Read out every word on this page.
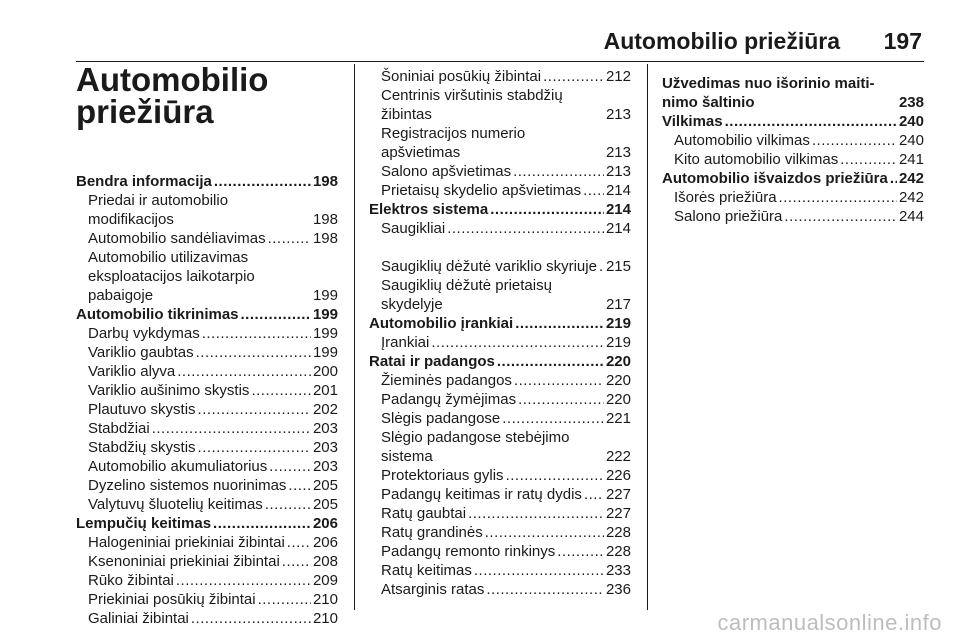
Automobilio priežiūra 197
Automobilio priežiūra
Bendra informacija .....	198
Priedai ir automobilio modifikacijos	198
Automobilio sandėliavimas .....	198
Automobilio utilizavimas eksploatacijos laikotarpio pabaigoje	199
Automobilio tikrinimas .....	199
Darbų vykdymas .....	199
Variklio gaubtas .....	199
Variklio alyva .....	200
Variklio aušinimo skystis .....	201
Plautuvo skystis .....	202
Stabdžiai .....	203
Stabdžių skystis .....	203
Automobilio akumuliatorius .....	203
Dyzelino sistemos nuorinimas ..... 205
Valytuvų šluotelių keitimas .....	205
Lempučių keitimas .....	206
Halogeniniai priekiniai žibintai ..... 206
Ksenoniniai priekiniai žibintai ..... 208
Rūko žibintai .....	209
Priekiniai posūkių žibintai .....	210
Galiniai žibintai .....	210
Šoniniai posūkių žibintai .....	212
Centrinis viršutinis stabdžių žibintas	213
Registracijos numerio apšvietimas	213
Salono apšvietimas .....	213
Prietaisų skydelio apšvietimas ..... 214
Elektros sistema .....	214
Saugikliai .....	214
Saugiklių dėžutė variklio skyriuje ..... 215
Saugiklių dėžutė prietaisų skydelyje	217
Automobilio įrankiai .....	219
Įrankiai .....	219
Ratai ir padangos .....	220
Žieminės padangos .....	220
Padangų žymėjimas .....	220
Slėgis padangose .....	221
Slėgio padangose stebėjimo sistema	222
Protektoriaus gylis .....	226
Padangų keitimas ir ratų dydis ..... 227
Ratų gaubtai .....	227
Ratų grandinės .....	228
Padangų remonto rinkinys .....	228
Ratų keitimas .....	233
Atsarginis ratas .....	236
Užvedimas nuo išorinio maiti- nimo šaltinio	238
Vilkimas .....	240
Automobilio vilkimas .....	240
Kito automobilio vilkimas .....	241
Automobilio išvaizdos priežiūra ..... 242
Išorės priežiūra .....	242
Salono priežiūra .....	244
carmanualsonline.info
